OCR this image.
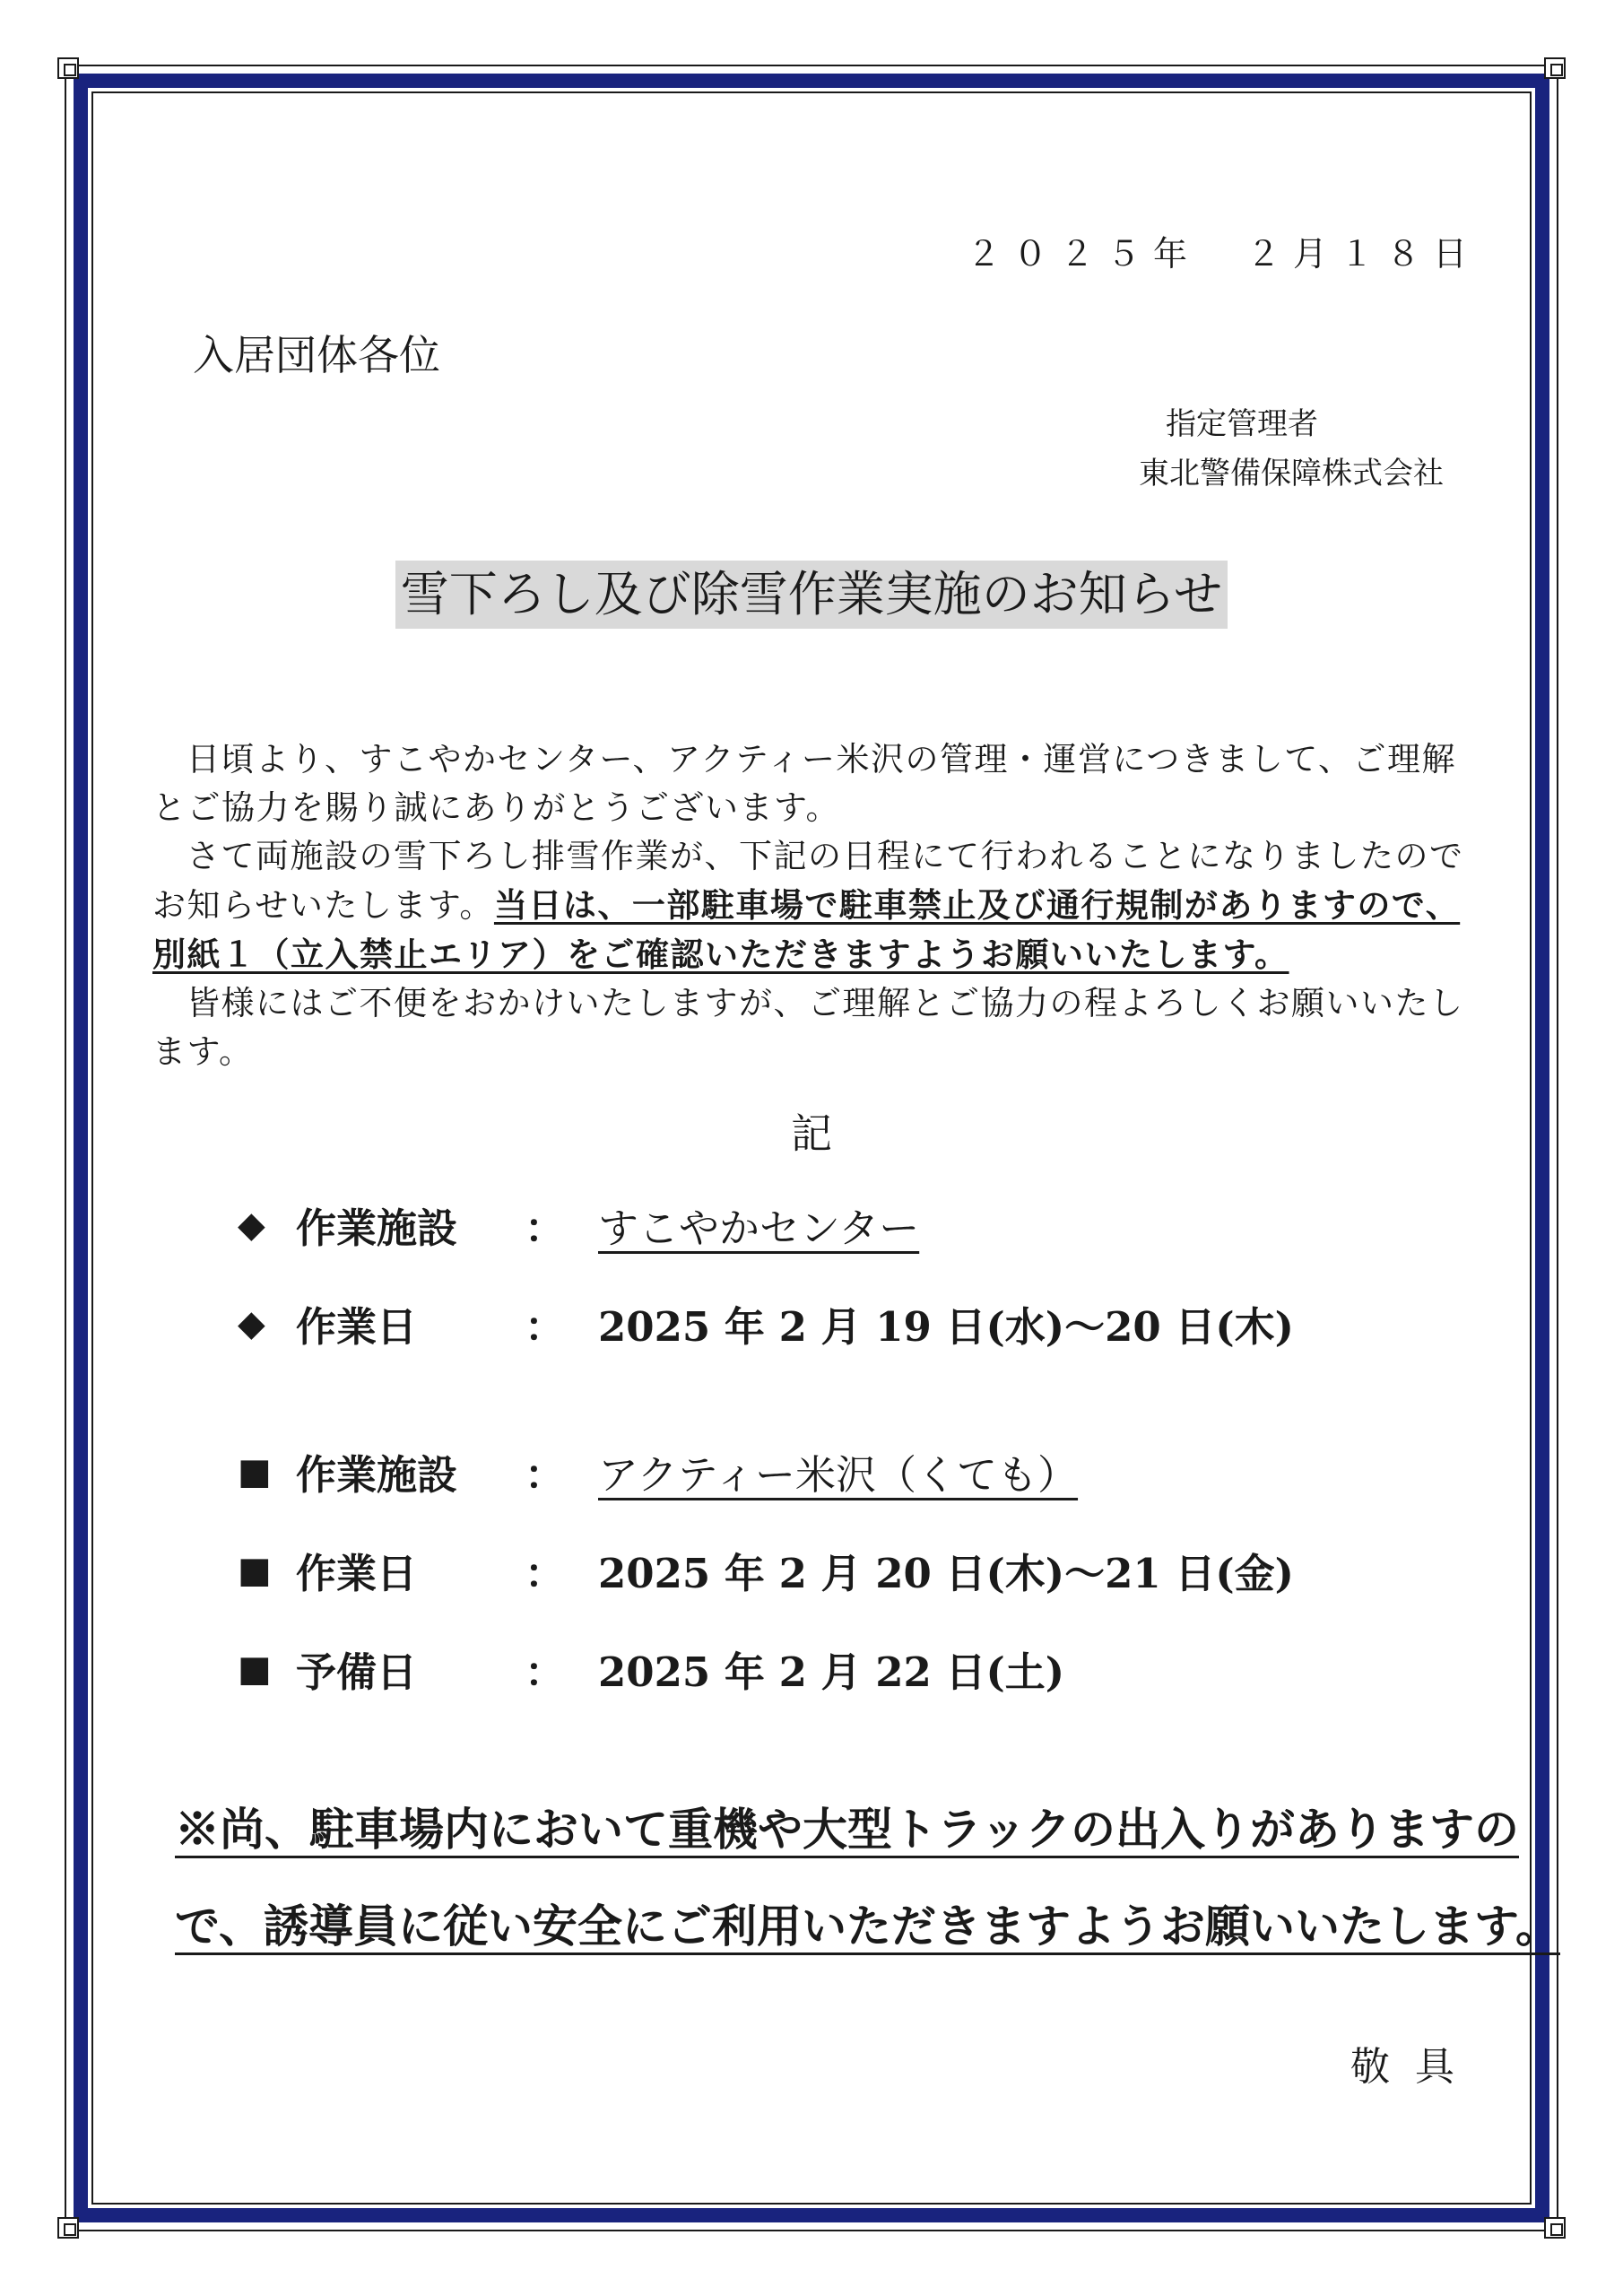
２０２５年　２月１８日
入居団体各位
指定管理者
東北警備保障株式会社
雪下ろし及び除雪作業実施のお知らせ

日頃より、すこやかセンター、アクティー米沢の管理・運営につきまして、ご理解とご協力を賜り誠にありがとうございます。

さて両施設の雪下ろし排雪作業が、下記の日程にて行われることになりましたのでお知らせいたします。当日は、一部駐車場で駐車禁止及び通行規制がありますので、別紙１（立入禁止エリア）をご確認いただきますようお願いいたします。

皆様にはご不便をおかけいたしますが、ご理解とご協力の程よろしくお願いいたします。

記
◆ 作業施設	： すこやかセンター
◆ 作業日	： 2025 年 2 月 19 日(水)～20 日(木)
■ 作業施設	： アクティー米沢（くても）
■ 作業日	： 2025 年 2 月 20 日(木)～21 日(金)
■ 予備日	： 2025 年 2 月 22 日(土)
※尚、駐車場内において重機や大型トラックの出入りがありますの
で、誘導員に従い安全にご利用いただきますようお願いいたします。
敬具
